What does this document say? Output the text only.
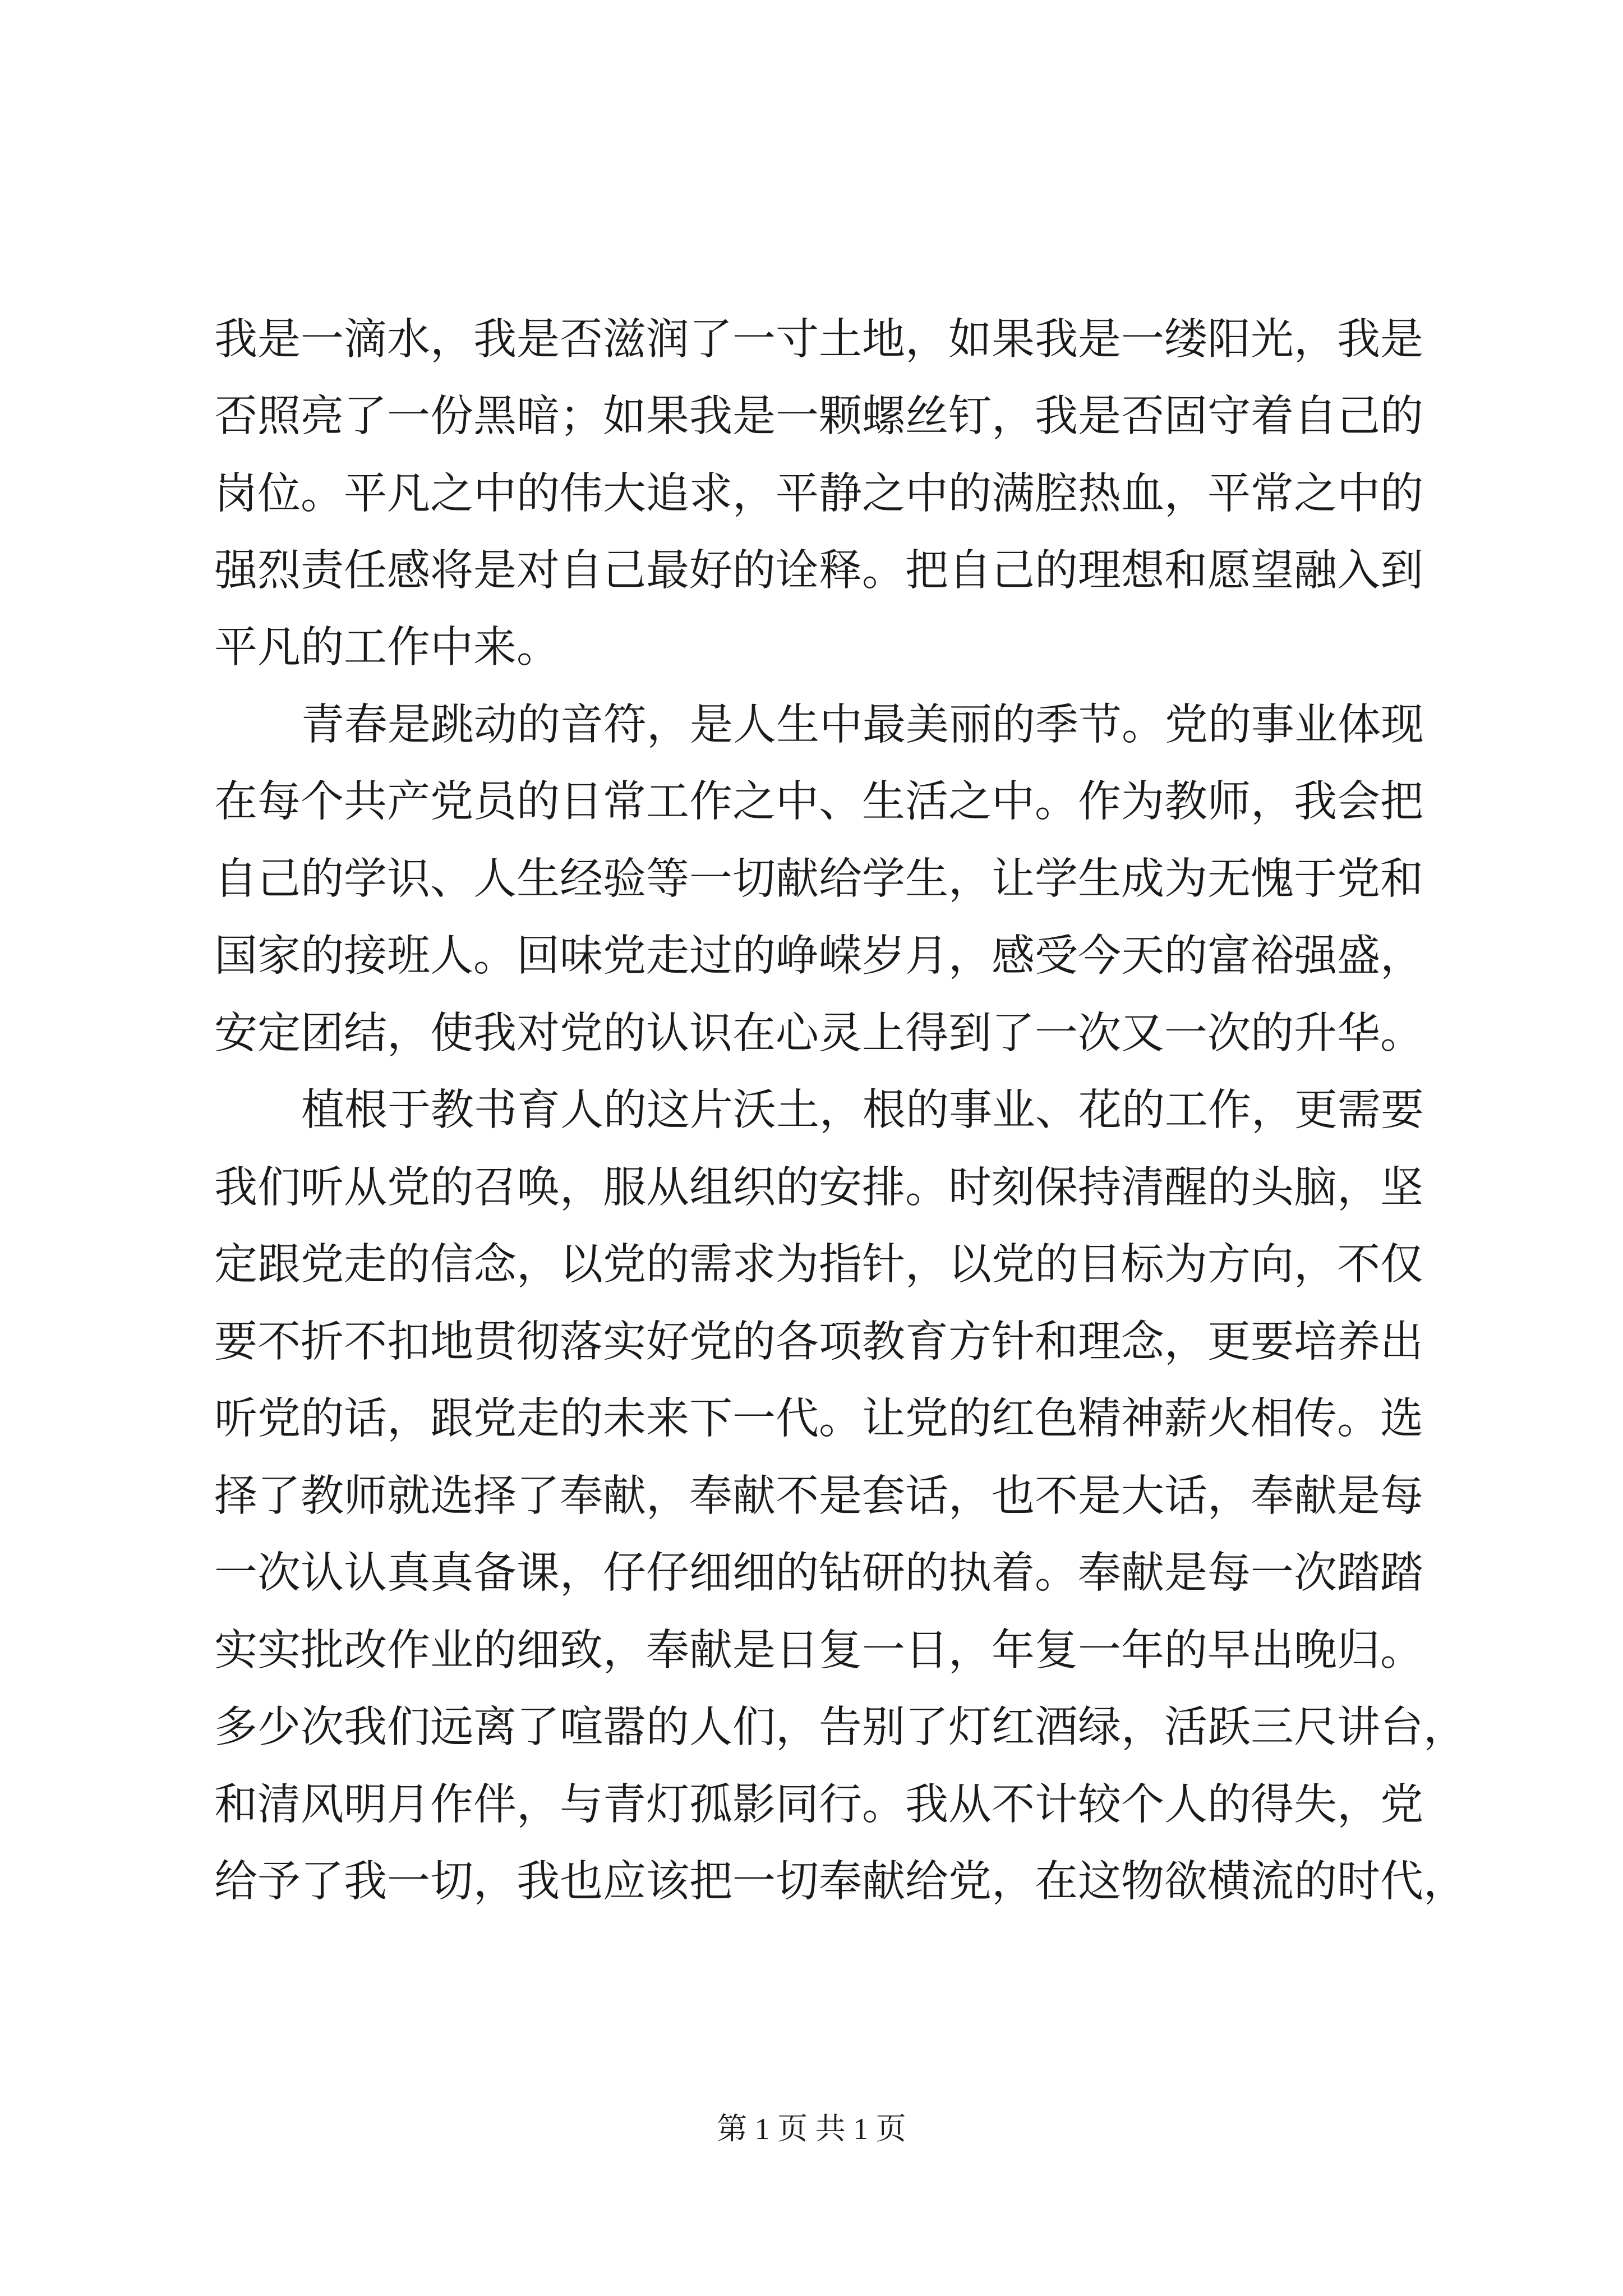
我是一滴水，我是否滋润了一寸土地，如果我是一缕阳光，我是
否照亮了一份黑暗；如果我是一颗螺丝钉，我是否固守着自己的
岗位。平凡之中的伟大追求，平静之中的满腔热血，平常之中的
强烈责任感将是对自己最好的诠释。把自己的理想和愿望融入到
平凡的工作中来。
青春是跳动的音符，是人生中最美丽的季节。党的事业体现
在每个共产党员的日常工作之中、生活之中。作为教师，我会把
自己的学识、人生经验等一切献给学生，让学生成为无愧于党和
国家的接班人。回味党走过的峥嵘岁月，感受今天的富裕强盛，
安定团结，使我对党的认识在心灵上得到了一次又一次的升华。
植根于教书育人的这片沃土，根的事业、花的工作，更需要
我们听从党的召唤，服从组织的安排。时刻保持清醒的头脑，坚
定跟党走的信念，以党的需求为指针，以党的目标为方向，不仅
要不折不扣地贯彻落实好党的各项教育方针和理念，更要培养出
听党的话，跟党走的未来下一代。让党的红色精神薪火相传。选
择了教师就选择了奉献，奉献不是套话，也不是大话，奉献是每
一次认认真真备课，仔仔细细的钻研的执着。奉献是每一次踏踏
实实批改作业的细致，奉献是日复一日，年复一年的早出晚归。
多少次我们远离了喧嚣的人们，告别了灯红酒绿，活跃三尺讲台，
和清风明月作伴，与青灯孤影同行。我从不计较个人的得失，党
给予了我一切，我也应该把一切奉献给党，在这物欲横流的时代，
第 1 页 共 1 页
